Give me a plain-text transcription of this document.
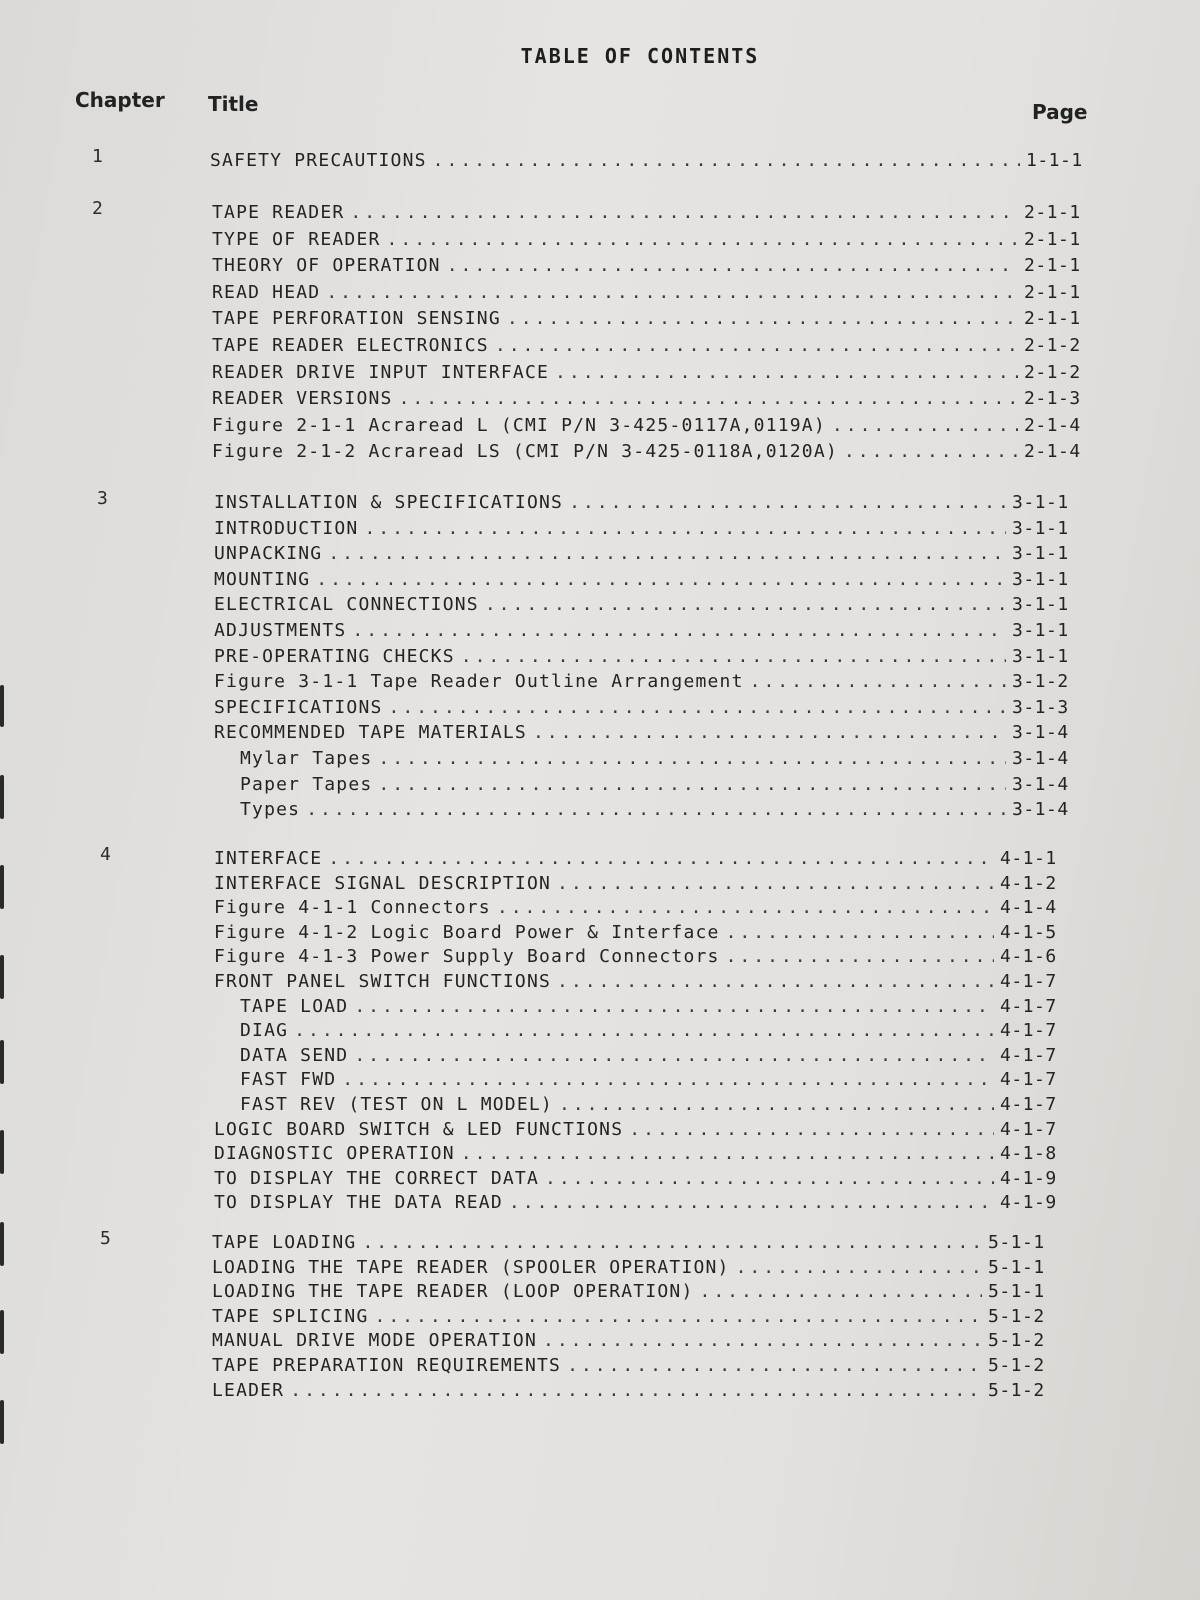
TABLE OF CONTENTS
Chapter Title	Page
1	SAFETY PRECAUTIONS .....	1-1-1
2	TAPE READER .....	2-1-1
TYPE OF READER .....	2-1-1
THEORY OF OPERATION .....	2-1-1
READ HEAD .....	2-1-1
TAPE PERFORATION SENSING .....	2-1-1
TAPE READER ELECTRONICS .....	2-1-2
READER DRIVE INPUT INTERFACE .....	2-1-2
READER VERSIONS .....	2-1-3
Figure 2-1-1 Acraread L (CMI P/N 3-425-0117A,0119A) .....	2-1-4
Figure 2-1-2 Acraread LS (CMI P/N 3-425-0118A,0120A) .....	2-1-4
3	INSTALLATION & SPECIFICATIONS .....	3-1-1
INTRODUCTION .....	3-1-1
UNPACKING .....	3-1-1
MOUNTING .....	3-1-1
ELECTRICAL CONNECTIONS .....	3-1-1
ADJUSTMENTS .....	3-1-1
PRE-OPERATING CHECKS .....	3-1-1
Figure 3-1-1 Tape Reader Outline Arrangement .....	3-1-2
SPECIFICATIONS .....	3-1-3
RECOMMENDED TAPE MATERIALS .....	3-1-4
Mylar Tapes .....	3-1-4
Paper Tapes .....	3-1-4
Types .....	3-1-4
4	INTERFACE .....	4-1-1
INTERFACE SIGNAL DESCRIPTION .....	4-1-2
Figure 4-1-1 Connectors .....	4-1-4
Figure 4-1-2 Logic Board Power & Interface .....	4-1-5
Figure 4-1-3 Power Supply Board Connectors .....	4-1-6
FRONT PANEL SWITCH FUNCTIONS .....	4-1-7
TAPE LOAD .....	4-1-7
DIAG .....	4-1-7
DATA SEND .....	4-1-7
FAST FWD .....	4-1-7
FAST REV (TEST ON L MODEL) .....	4-1-7
LOGIC BOARD SWITCH & LED FUNCTIONS .....	4-1-7
DIAGNOSTIC OPERATION .....	4-1-8
TO DISPLAY THE CORRECT DATA .....	4-1-9
TO DISPLAY THE DATA READ .....	4-1-9
5	TAPE LOADING .....	5-1-1
LOADING THE TAPE READER (SPOOLER OPERATION) .....	5-1-1
LOADING THE TAPE READER (LOOP OPERATION) .....	5-1-1
TAPE SPLICING .....	5-1-2
MANUAL DRIVE MODE OPERATION .....	5-1-2
TAPE PREPARATION REQUIREMENTS .....	5-1-2
LEADER .....	5-1-2
